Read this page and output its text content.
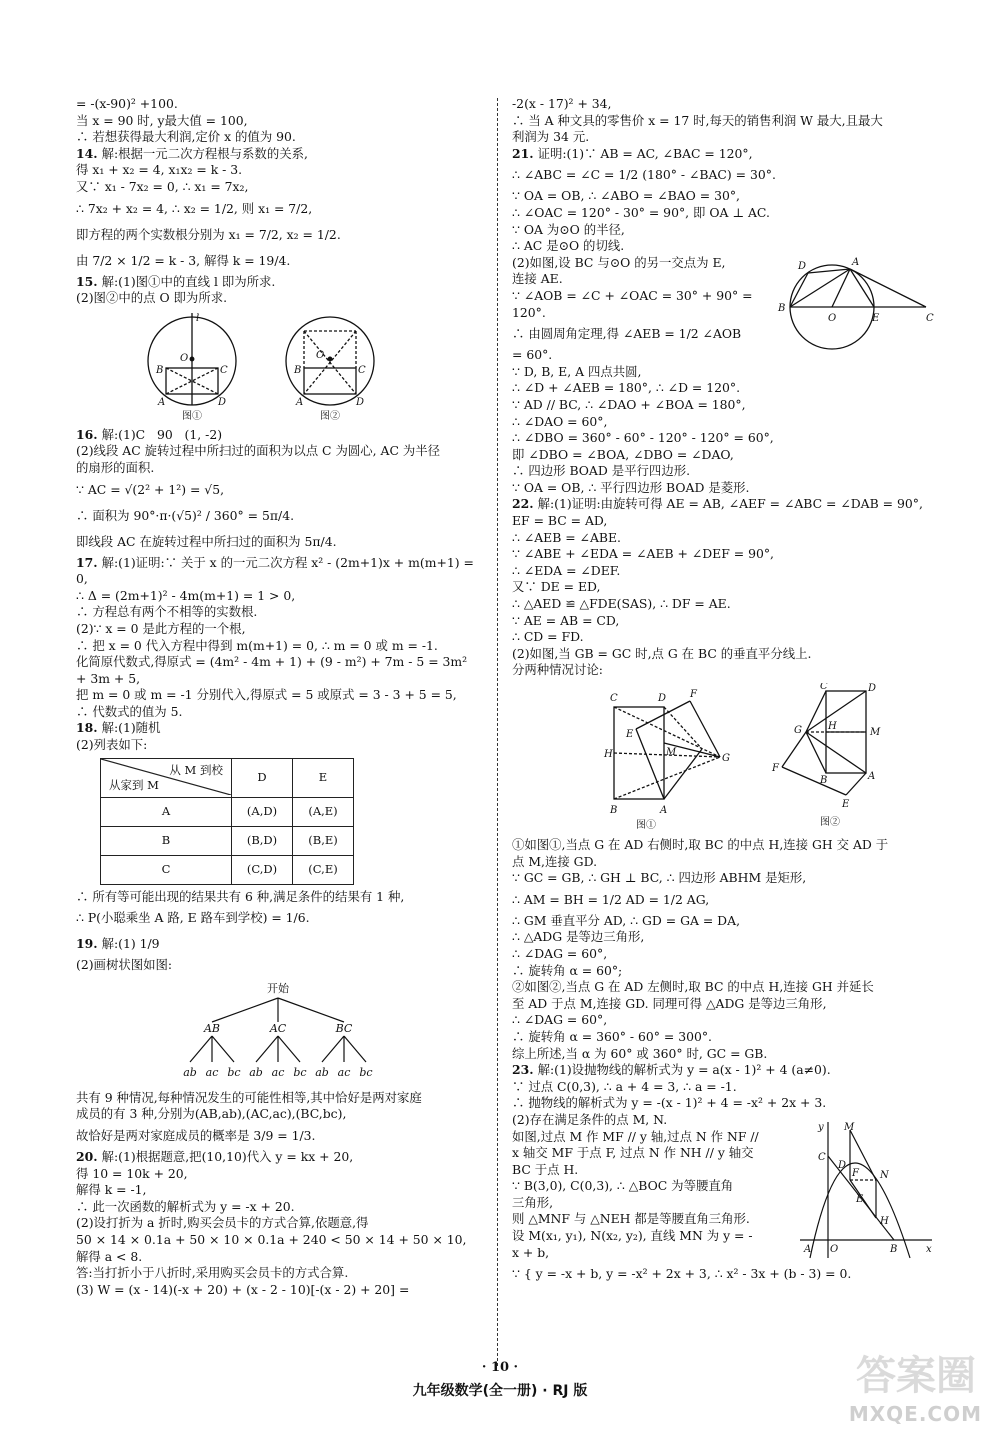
= -(x-90)² +100.
当 x = 90 时, y最大值 = 100,
∴ 若想获得最大利润,定价 x 的值为 90.
14. 解:根据一元二次方程根与系数的关系,
得 x₁ + x₂ = 4, x₁x₂ = k - 3.
又∵ x₁ - 7x₂ = 0, ∴ x₁ = 7x₂,
∴ 7x₂ + x₂ = 4, ∴ x₂ = 1/2, 则 x₁ = 7/2,
即方程的两个实数根分别为 x₁ = 7/2, x₂ = 1/2.
由 7/2 × 1/2 = k - 3, 解得 k = 19/4.
15. 解:(1)图①中的直线 l 即为所求.
(2)图②中的点 O 即为所求.
l
O
B	C
A	D
图①
O
B	C
A	D
图②
16. 解:(1)C   90   (1, -2)
(2)线段 AC 旋转过程中所扫过的面积为以点 C 为圆心, AC 为半径
的扇形的面积.
∵ AC = √(2² + 1²) = √5,
∴ 面积为 90°·π·(√5)² / 360° = 5π/4.
即线段 AC 在旋转过程中所扫过的面积为 5π/4.
17. 解:(1)证明:∵ 关于 x 的一元二次方程 x² - (2m+1)x + m(m+1) = 0,
∴ Δ = (2m+1)² - 4m(m+1) = 1 > 0,
∴ 方程总有两个不相等的实数根.
(2)∵ x = 0 是此方程的一个根,
∴ 把 x = 0 代入方程中得到 m(m+1) = 0, ∴ m = 0 或 m = -1.
化简原代数式,得原式 = (4m² - 4m + 1) + (9 - m²) + 7m - 5 = 3m²
+ 3m + 5,
把 m = 0 或 m = -1 分别代入,得原式 = 5 或原式 = 3 - 3 + 5 = 5,
∴ 代数式的值为 5.
18. 解:(1)随机
(2)列表如下:
从 M 到校
从家到 M	D	E
A	(A,D)	(A,E)
B	(B,D)	(B,E)
C	(C,D)	(C,E)
∴ 所有等可能出现的结果共有 6 种,满足条件的结果有 1 种,
∴ P(小聪乘坐 A 路, E 路车到学校) = 1/6.
19. 解:(1) 1/9
(2)画树状图如图:
开始
AB	AC	BC
ab ac bc ab ac bc ab ac bc
共有 9 种情况,每种情况发生的可能性相等,其中恰好是两对家庭
成员的有 3 种,分别为(AB,ab),(AC,ac),(BC,bc),
故恰好是两对家庭成员的概率是 3/9 = 1/3.
20. 解:(1)根据题意,把(10,10)代入 y = kx + 20,
得 10 = 10k + 20,
解得 k = -1,
∴ 此一次函数的解析式为 y = -x + 20.
(2)设打折为 a 折时,购买会员卡的方式合算,依题意,得
50 × 14 × 0.1a + 50 × 10 × 0.1a + 240 < 50 × 14 + 50 × 10,
解得 a < 8.
答:当打折小于八折时,采用购买会员卡的方式合算.
(3) W = (x - 14)(-x + 20) + (x - 2 - 10)[-(x - 2) + 20] =
-2(x - 17)² + 34,
∴ 当 A 种文具的零售价 x = 17 时,每天的销售利润 W 最大,且最大
利润为 34 元.
21. 证明:(1)∵ AB = AC, ∠BAC = 120°,
∴ ∠ABC = ∠C = 1/2 (180° - ∠BAC) = 30°.
∵ OA = OB, ∴ ∠ABO = ∠BAO = 30°,
∴ ∠OAC = 120° - 30° = 90°, 即 OA ⊥ AC.
∵ OA 为⊙O 的半径,
∴ AC 是⊙O 的切线.
D	A
B
O	E	C
(2)如图,设 BC 与⊙O 的另一交点为 E,
连接 AE.
∵ ∠AOB = ∠C + ∠OAC = 30° + 90° =
120°.
∴ 由圆周角定理,得 ∠AEB = 1/2 ∠AOB
= 60°.
∵ D, B, E, A 四点共圆,
∴ ∠D + ∠AEB = 180°, ∴ ∠D = 120°.
∵ AD // BC, ∴ ∠DAO + ∠BOA = 180°,
∴ ∠DAO = 60°,
∴ ∠DBO = 360° - 60° - 120° - 120° = 60°,
即 ∠DBO = ∠BOA, ∠DBO = ∠DAO,
∴ 四边形 BOAD 是平行四边形.
∵ OA = OB, ∴ 平行四边形 BOAD 是菱形.
22. 解:(1)证明:由旋转可得 AE = AB, ∠AEF = ∠ABC = ∠DAB = 90°,
EF = BC = AD,
∴ ∠AEB = ∠ABE.
∵ ∠ABE + ∠EDA = ∠AEB + ∠DEF = 90°,
∴ ∠EDA = ∠DEF.
又∵ DE = ED,
∴ △AED ≌ △FDE(SAS), ∴ DF = AE.
∵ AE = AB = CD,
∴ CD = FD.
(2)如图,当 GB = GC 时,点 G 在 BC 的垂直平分线上.
分两种情况讨论:
C	D F
H
E
M
G
B	A
图①
C	D
G	H
M
F
B	A
E
图②
①如图①,当点 G 在 AD 右侧时,取 BC 的中点 H,连接 GH 交 AD 于
点 M,连接 GD.
∵ GC = GB, ∴ GH ⊥ BC, ∴ 四边形 ABHM 是矩形,
∴ AM = BH = 1/2 AD = 1/2 AG,
∴ GM 垂直平分 AD, ∴ GD = GA = DA,
∴ △ADG 是等边三角形,
∴ ∠DAG = 60°,
∴ 旋转角 α = 60°;
②如图②,当点 G 在 AD 左侧时,取 BC 的中点 H,连接 GH 并延长
至 AD 于点 M,连接 GD. 同理可得 △ADG 是等边三角形,
∴ ∠DAG = 60°,
∴ 旋转角 α = 360° - 60° = 300°.
综上所述,当 α 为 60° 或 360° 时, GC = GB.
23. 解:(1)设抛物线的解析式为 y = a(x - 1)² + 4 (a≠0).
∵ 过点 C(0,3), ∴ a + 4 = 3, ∴ a = -1.
∴ 抛物线的解析式为 y = -(x - 1)² + 4 = -x² + 2x + 3.
y M
C
D
F N
E
H
A O	B	x
(2)存在满足条件的点 M, N.
如图,过点 M 作 MF // y 轴,过点 N 作 NF //
x 轴交 MF 于点 F, 过点 N 作 NH // y 轴交
BC 于点 H.
∵ B(3,0), C(0,3), ∴ △BOC 为等腰直角
三角形,
则 △MNF 与 △NEH 都是等腰直角三角形.
设 M(x₁, y₁), N(x₂, y₂), 直线 MN 为 y = -
x + b,
∵ { y = -x + b, y = -x² + 2x + 3, ∴ x² - 3x + (b - 3) = 0.
· 10 ·
九年级数学(全一册) · RJ 版	答案圈
MXQE.COM
